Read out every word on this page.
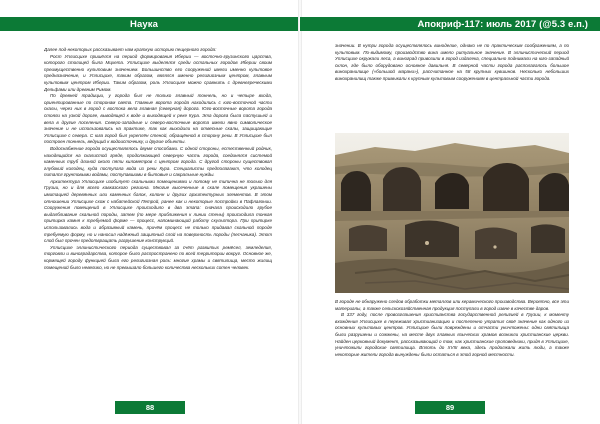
Наука

Далее под-некоторых рассказывает нам краткую историю пещерного города:

Рост Уплисцихе пришёлся на период формирования Иберии — восточно-грузинского царства, которого столицей была Мцхета. Уплисцихе выделялся среди остальных городов Иберии своим преимущественно культовым значением. Большинство его сооружений имели именно культовое предназначение, и Уплисцихе, таким образом, являлся именно религиозным центром, главным культовым центром Иберии. Таким образом, роль Уплисцихе можно сравнить с древнегреческими Дельфами или древним Римом.

По древней традиции, у города был не только главный тоннель, но и четыре входа, ориентированные по сторонам света. Главные ворота города находились с юго-восточной части скалы, через них в город с востока вела главная (северная) дорога. Юго-восточные ворота города стояли на узкой дороге, выводящей к воде и выходящей к реке Кура. Эта дорога была пастушьей и вела в другие поселения. Северо-западные и северо-восточные ворота имели явно символическое значение и не использовались на практике, так как выходили на отвесные скалы, защищающие Уплисцихе с севера. С юга город был укреплён стеной, обращённой в сторону реки. В Уплисцихе был построен тоннель, ведущий к водоисточнику, и другие объекты.

Водоснабжение города осуществлялось двумя способами. С одной стороны, естественный родник, находящийся на скалистой гряде, продолжающей северную часть города, соединялся системой каменных труб длиной около пяти километров с центром города. С другой стороны существовал глубокий колодец, куда поступала вода из реки Кура. Специалисты предполагают, что колодец питался грунтовыми водами, поступавшими в бытовые и сакральные нужды.

Архитектура Уплисцихе изобилует скальными помещениями и потому не типична не только для Грузии, но и для всего кавказского региона. Многие высеченные в скале помещения украшены имитацией деревянных или каменных балок, колонн и других архитектурных элементов. В этом отношении Уплисцихе схож с набатейской Петрой, ранее как и некоторые постройки в Пафлагонии. Сооружения помещений в Уплисцихе происходило в два этапа: сначала происходило грубое выдалбливание скальной породы, затем (по мере приближения к линии стены) происходила тонкая притирка камня к требуемой форме — процесс, напоминающий работу скульптора. При притирке использовались вода и абразивный камень, причём процесс не только придавал скальной породе требуемую форму, но и наносил надёжный защитный слой на поверхность породы (песчаника). Этот слой был прочен предотвращать разрушение конструкций.

Уплисцихе эллинистического периода существовал за счёт развитых ремёсел, земледелия, торговли и виноградарства, которое было распространено по всей территории вокруг. Основное же, кормящей городу функцией была его религиозная роль: многие храмы и святилища, место жилищ помещений было невелико, но не превышало большего количества нескольких сотен человек.

88
Апокриф-117: июль 2017 (@5.3 е.п.)

значении. В нутри города осуществлялось виноделие, однако не по практическим соображениям, а по культовым. По-видимому, производство вина имело ритуальное значение. В эллинистический период Уплисцихе окружали леса, а виноград привозили в город издалека, специально поднимали на юго-западный склон, где было оборудовано основное давильня. В северной части города располагалось большое винохранилище («большой марани»), рассчитанное на 58 крупных кувшинов. Несколько небольших винохранилищ также примыкали к крупным культовым сооружениям в центральной части города.

В городе не обнаружено следов обработки металлов или керамического производства. Вероятно, все эти материалы, а также сельскохозяйственная продукция поступали в город извне в качестве даров.

В 337 году, после провозглашения христианства государственной религией в Грузии, к моменту вхождения Уплисцихе в переживал христианизацию и постепенно утратил своё значение как одного из основных культовых центров. Уплисцихе были повреждены и отчасти уничтожены: одни святилища были разрушены и сожжены, на месте двух главных языческих храмов возникли христианские церкви. Найден церковный документ, рассказывающий о том, как христианские проповедники, придя в Уплисцихе, уничтожили городские святилища. Вплоть до XVIII века, здесь продолжали жить люди, а также некоторые жители города вынуждены были остаться в этой горной местности.

89
